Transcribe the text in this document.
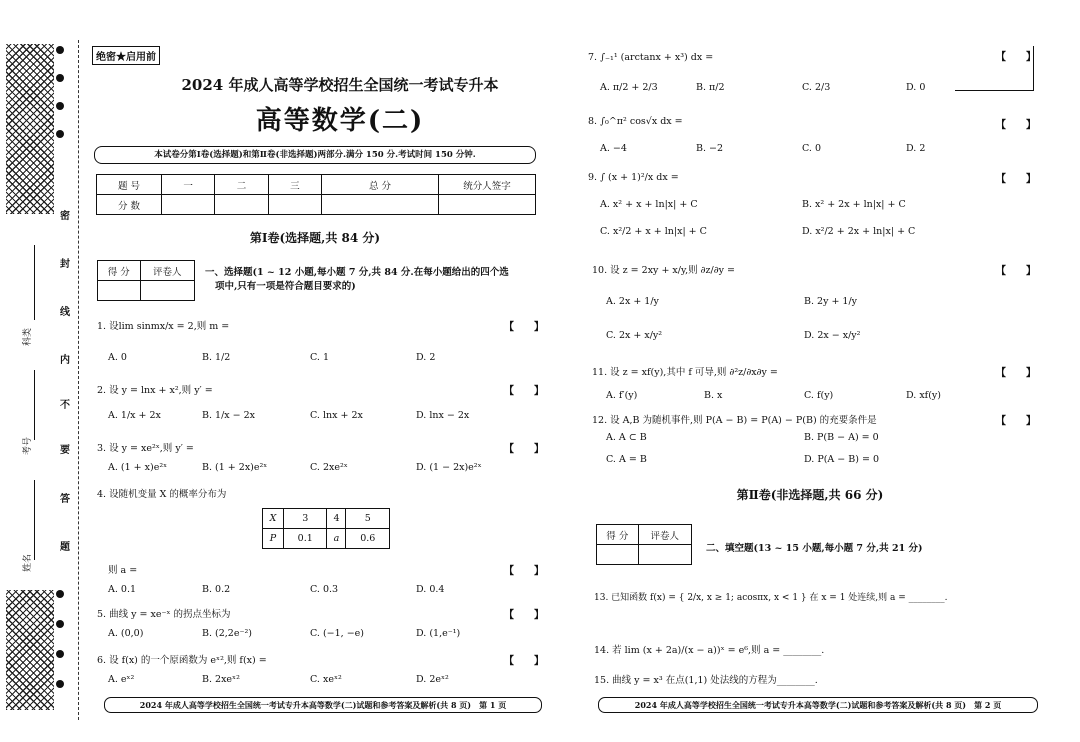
密
封
线
内
不
要
答
题
科类
考号
姓名
绝密★启用前
2024 年成人高等学校招生全国统一考试专升本
高等数学(二)
本试卷分第Ⅰ卷(选择题)和第Ⅱ卷(非选择题)两部分.满分 150 分.考试时间 150 分钟.
题 号	一	二	三	总 分	统分人签字
分 数					
第Ⅰ卷(选择题,共 84 分)
得 分	评卷人
	一、选择题(1 ~ 12 小题,每小题 7 分,共 84 分.在每小题给出的四个选
项中,只有一项是符合题目要求的)
1. 设lim sinmx/x = 2,则 m =	【　　】
A. 0	B. 1/2	C. 1	D. 2
2. 设 y = lnx + x²,则 y′ =	【　　】
A. 1/x + 2x	B. 1/x − 2x	C. lnx + 2x	D. lnx − 2x
3. 设 y = xe²ˣ,则 y′ =	【　　】
A. (1 + x)e²ˣ	B. (1 + 2x)e²ˣ	C. 2xe²ˣ	D. (1 − 2x)e²ˣ
4. 设随机变量 X 的概率分布为
X	3	4	5
P	0.1	a	0.6
则 a =	【　　】
A. 0.1	B. 0.2	C. 0.3	D. 0.4
5. 曲线 y = xe⁻ˣ 的拐点坐标为	【　　】
A. (0,0)	B. (2,2e⁻²)	C. (−1, −e)	D. (1,e⁻¹)
6. 设 f(x) 的一个原函数为 eˣ²,则 f(x) =	【　　】
A. eˣ²	B. 2xeˣ²	C. xeˣ²	D. 2eˣ²
2024 年成人高等学校招生全国统一考试专升本高等数学(二)试题和参考答案及解析(共 8 页)　第 1 页
7. ∫₋₁¹ (arctanx + x³) dx =	【　　】
A. π/2 + 2/3	B. π/2	C. 2/3	D. 0
8. ∫₀^π² cos√x dx =	【　　】
A. −4	B. −2	C. 0	D. 2
9. ∫ (x + 1)²/x dx =	【　　】
A. x² + x + ln|x| + C	B. x² + 2x + ln|x| + C
C. x²/2 + x + ln|x| + C	D. x²/2 + 2x + ln|x| + C
10. 设 z = 2xy + x/y,则 ∂z/∂y =	【　　】
A. 2x + 1/y	B. 2y + 1/y
C. 2x + x/y²	D. 2x − x/y²
11. 设 z = xf(y),其中 f 可导,则 ∂²z/∂x∂y =	【　　】
A. f′(y)	B. x	C. f(y)	D. xf(y)
12. 设 A,B 为随机事件,则 P(A − B) = P(A) − P(B) 的充要条件是	【　　】
A. A ⊂ B	B. P(B − A) = 0
C. A = B	D. P(A − B) = 0
第Ⅱ卷(非选择题,共 66 分)
得 分	评卷人

二、填空题(13 ~ 15 小题,每小题 7 分,共 21 分)
13. 已知函数 f(x) = { 2/x, x ≥ 1; acosπx, x < 1 } 在 x = 1 处连续,则 a = ________.
14. 若 lim (x + 2a)/(x − a))ˣ = e⁶,则 a = ________.
15. 曲线 y = x³ 在点(1,1) 处法线的方程为________.
2024 年成人高等学校招生全国统一考试专升本高等数学(二)试题和参考答案及解析(共 8 页)　第 2 页
